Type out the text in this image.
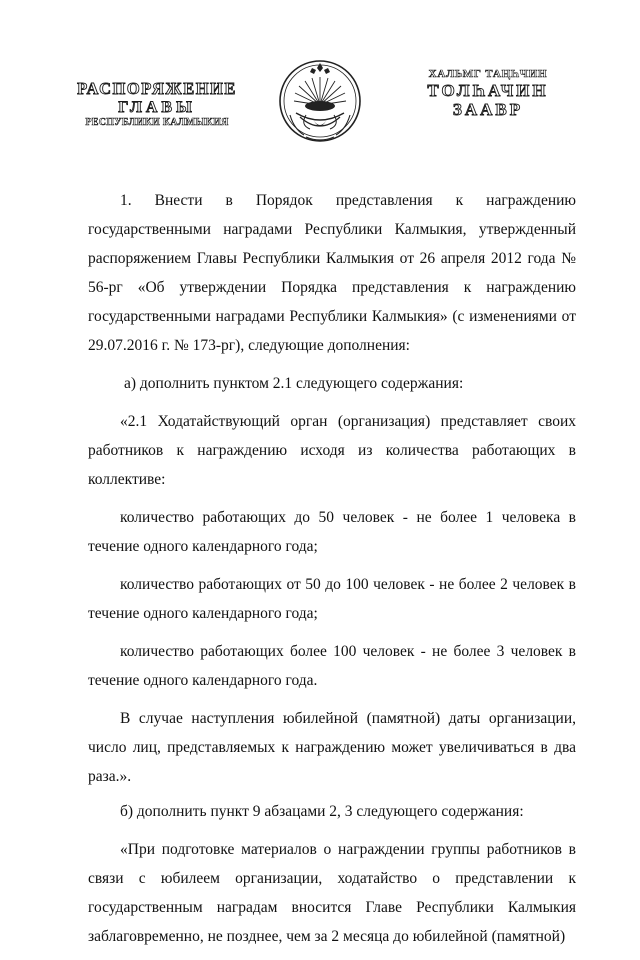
РАСПОРЯЖЕНИЕ
ГЛАВЫ
РЕСПУБЛИКИ КАЛМЫКИЯ
ХАЛЬМГ ТАҢҺЧИН
ТОЛҺАЧИН
ЗААВР

1. Внести в Порядок представления к награждению государственными наградами Республики Калмыкия, утвержденный распоряжением Главы Республики Калмыкия от 26 апреля 2012 года № 56-рг «Об утверждении Порядка представления к награждению государственными наградами Республики Калмыкия» (с изменениями от 29.07.2016 г. № 173-рг), следующие дополнения:

а) дополнить пунктом 2.1 следующего содержания:

«2.1 Ходатайствующий орган (организация) представляет своих работников к награждению исходя из количества работающих в коллективе:

количество работающих до 50 человек - не более 1 человека в течение одного календарного года;

количество работающих от 50 до 100 человек - не более 2 человек в течение одного календарного года;

количество работающих более 100 человек - не более 3 человек в течение одного календарного года.

В случае наступления юбилейной (памятной) даты организации, число лиц, представляемых к награждению может увеличиваться в два раза.».

б) дополнить пункт 9 абзацами 2, 3 следующего содержания:

«При подготовке материалов о награждении группы работников в связи с юбилеем организации, ходатайство о представлении к государственным наградам вносится Главе Республики Калмыкия заблаговременно, не позднее, чем за 2 месяца до юбилейной (памятной)
